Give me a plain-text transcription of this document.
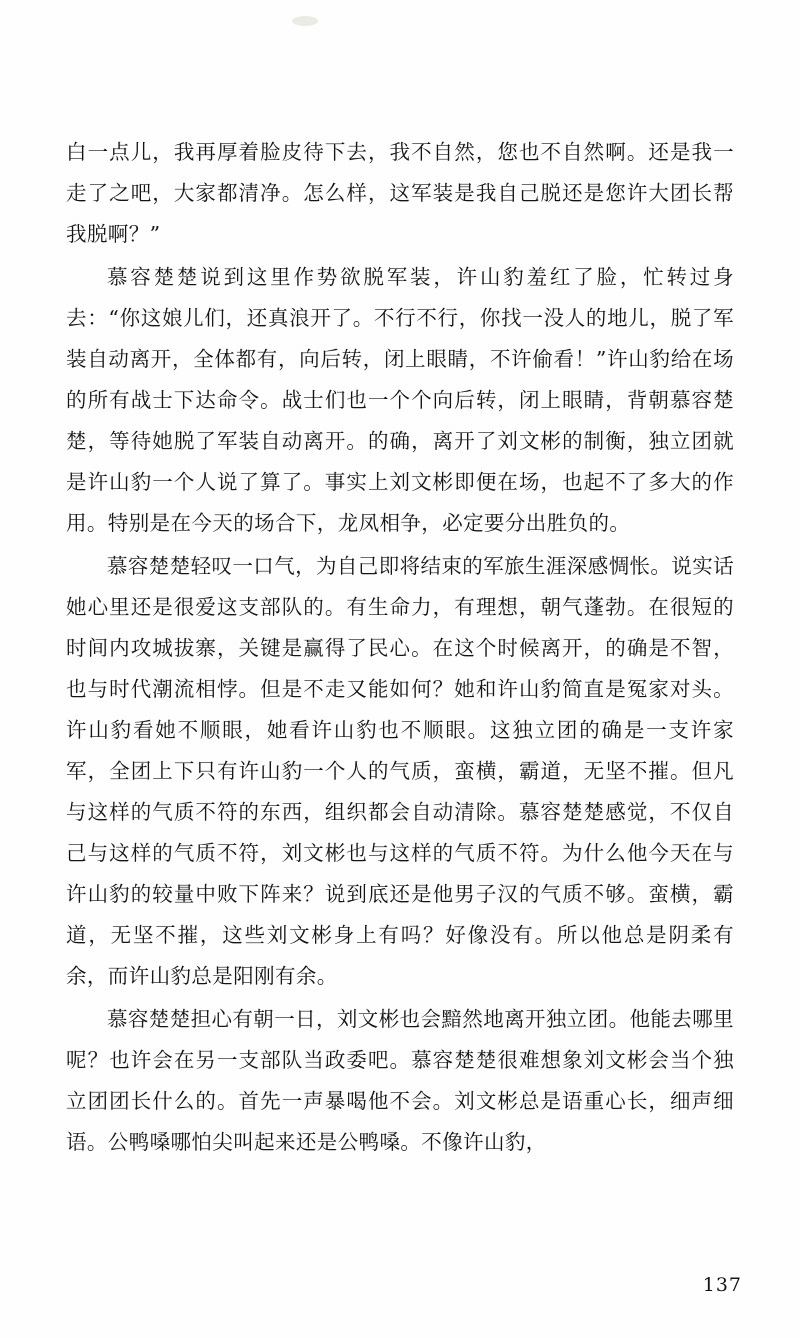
白一点儿，我再厚着脸皮待下去，我不自然，您也不自然啊。还是我一走了之吧，大家都清净。怎么样，这军装是我自己脱还是您许大团长帮我脱啊？”

慕容楚楚说到这里作势欲脱军装，许山豹羞红了脸，忙转过身去：“你这娘儿们，还真浪开了。不行不行，你找一没人的地儿，脱了军装自动离开，全体都有，向后转，闭上眼睛，不许偷看！”许山豹给在场的所有战士下达命令。战士们也一个个向后转，闭上眼睛，背朝慕容楚楚，等待她脱了军装自动离开。的确，离开了刘文彬的制衡，独立团就是许山豹一个人说了算了。事实上刘文彬即便在场，也起不了多大的作用。特别是在今天的场合下，龙凤相争，必定要分出胜负的。

慕容楚楚轻叹一口气，为自己即将结束的军旅生涯深感惆怅。说实话她心里还是很爱这支部队的。有生命力，有理想，朝气蓬勃。在很短的时间内攻城拔寨，关键是赢得了民心。在这个时候离开，的确是不智，也与时代潮流相悖。但是不走又能如何？她和许山豹简直是冤家对头。许山豹看她不顺眼，她看许山豹也不顺眼。这独立团的确是一支许家军，全团上下只有许山豹一个人的气质，蛮横，霸道，无坚不摧。但凡与这样的气质不符的东西，组织都会自动清除。慕容楚楚感觉，不仅自己与这样的气质不符，刘文彬也与这样的气质不符。为什么他今天在与许山豹的较量中败下阵来？说到底还是他男子汉的气质不够。蛮横，霸道，无坚不摧，这些刘文彬身上有吗？好像没有。所以他总是阴柔有余，而许山豹总是阳刚有余。

慕容楚楚担心有朝一日，刘文彬也会黯然地离开独立团。他能去哪里呢？也许会在另一支部队当政委吧。慕容楚楚很难想象刘文彬会当个独立团团长什么的。首先一声暴喝他不会。刘文彬总是语重心长，细声细语。公鸭嗓哪怕尖叫起来还是公鸭嗓。不像许山豹，

137
